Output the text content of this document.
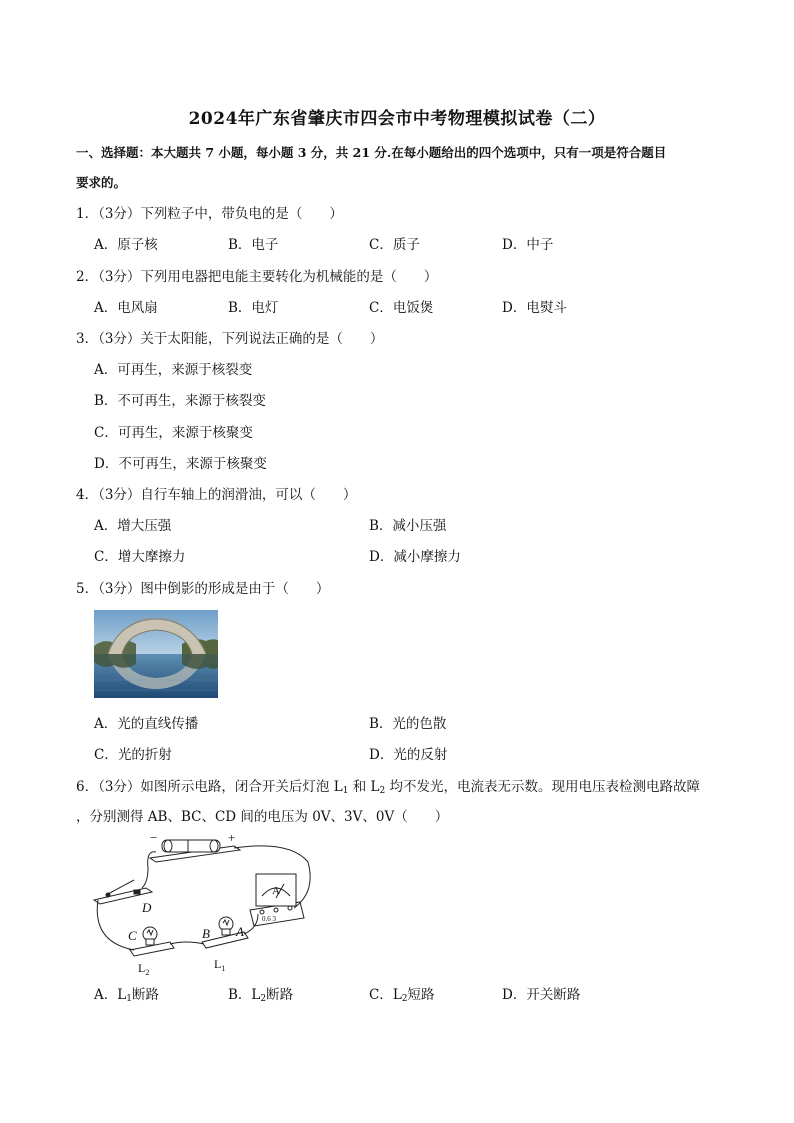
2024年广东省肇庆市四会市中考物理模拟试卷（二）
一、选择题：本大题共 7 小题，每小题 3 分，共 21 分.在每小题给出的四个选项中，只有一项是符合题目
要求的。
1．（3分）下列粒子中，带负电的是（　　）
A．原子核	B．电子	C．质子	D．中子
2．（3分）下列用电器把电能主要转化为机械能的是（　　）
A．电风扇	B．电灯	C．电饭煲	D．电熨斗
3．（3分）关于太阳能，下列说法正确的是（　　）
A．可再生，来源于核裂变
B．不可再生，来源于核裂变
C．可再生，来源于核聚变
D．不可再生，来源于核聚变
4．（3分）自行车轴上的润滑油，可以（　　）
A．增大压强	B．减小压强
C．增大摩擦力	D．减小摩擦力
5．（3分）图中倒影的形成是由于（　　）
A．光的直线传播	B．光的色散
C．光的折射	D．光的反射
6．（3分）如图所示电路，闭合开关后灯泡 $L_1$ 和 $L_2$ 均不发光，电流表无示数。现用电压表检测电路故障
，分别测得 AB、BC、CD 间的电压为 0V、3V、0V（　　）
−	+
D
C	B A
A
0.6 3
$L_2$
$L_1$
A．$L_1$断路	B．$L_2$断路	C．$L_2$短路	D．开关断路
